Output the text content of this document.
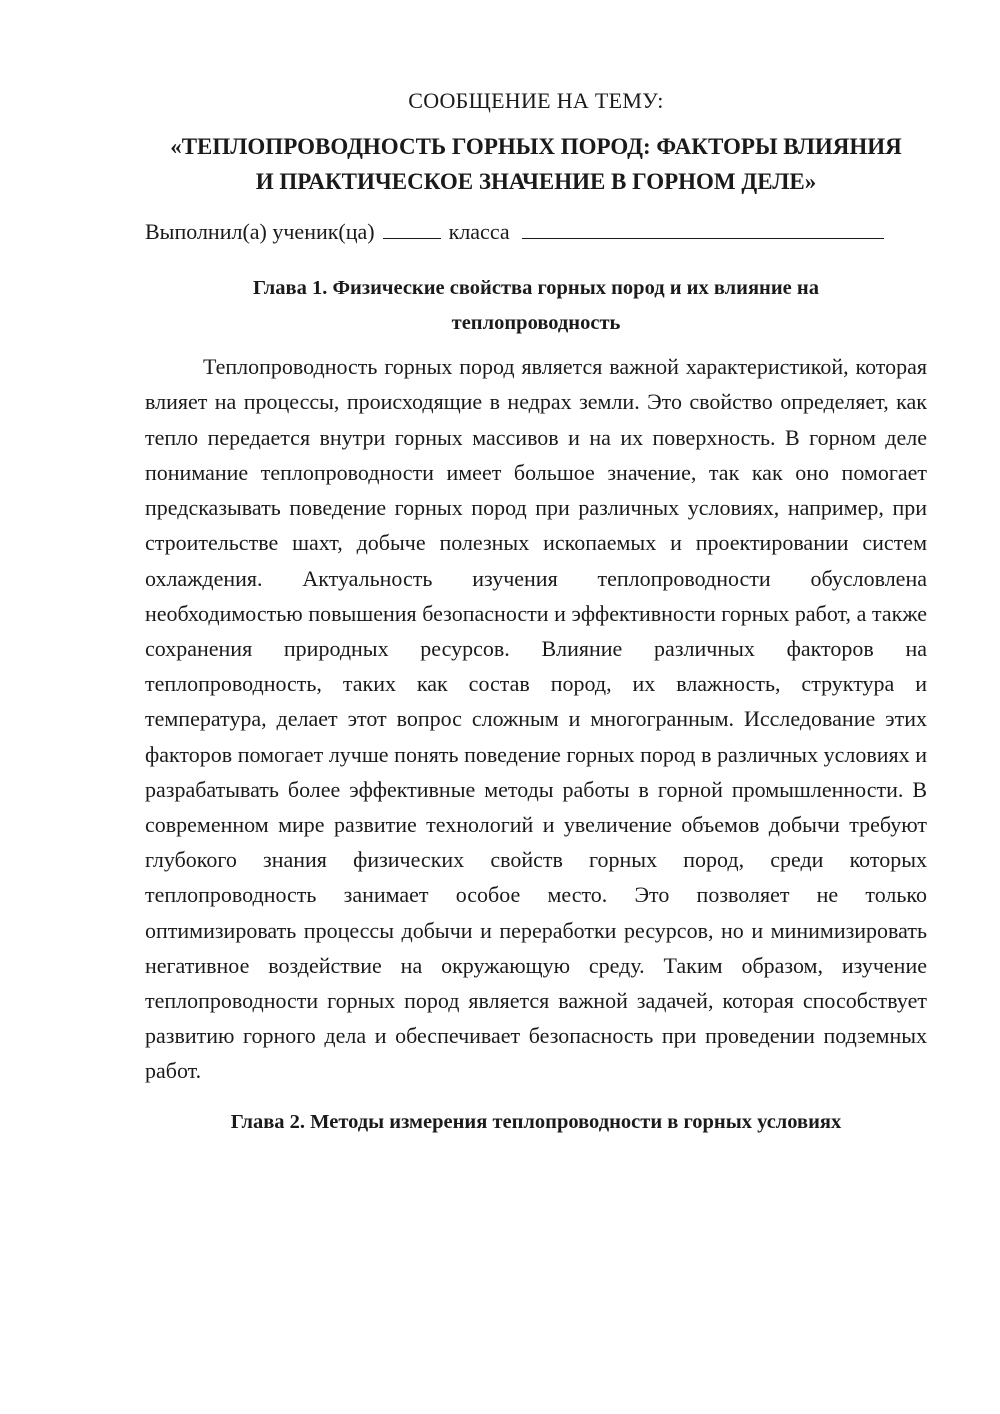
СООБЩЕНИЕ НА ТЕМУ:
«ТЕПЛОПРОВОДНОСТЬ ГОРНЫХ ПОРОД: ФАКТОРЫ ВЛИЯНИЯ
И ПРАКТИЧЕСКОЕ ЗНАЧЕНИЕ В ГОРНОМ ДЕЛЕ»
Выполнил(а) ученик(ца)	класса
Глава 1. Физические свойства горных пород и их влияние на
теплопроводность

Теплопроводность горных пород является важной характеристикой, которая влияет на процессы, происходящие в недрах земли. Это свойство определяет, как тепло передается внутри горных массивов и на их поверхность. В горном деле понимание теплопроводности имеет большое значение, так как оно помогает предсказывать поведение горных пород при различных условиях, например, при строительстве шахт, добыче полезных ископаемых и проектировании систем охлаждения. Актуальность изучения теплопроводности обусловлена необходимостью повышения безопасности и эффективности горных работ, а также сохранения природных ресурсов. Влияние различных факторов на теплопроводность, таких как состав пород, их влажность, структура и температура, делает этот вопрос сложным и многогранным. Исследование этих факторов помогает лучше понять поведение горных пород в различных условиях и разрабатывать более эффективные методы работы в горной промышленности. В современном мире развитие технологий и увеличение объемов добычи требуют глубокого знания физических свойств горных пород, среди которых теплопроводность занимает особое место. Это позволяет не только оптимизировать процессы добычи и переработки ресурсов, но и минимизировать негативное воздействие на окружающую среду. Таким образом, изучение теплопроводности горных пород является важной задачей, которая способствует развитию горного дела и обеспечивает безопасность при проведении подземных работ.

Глава 2. Методы измерения теплопроводности в горных условиях
